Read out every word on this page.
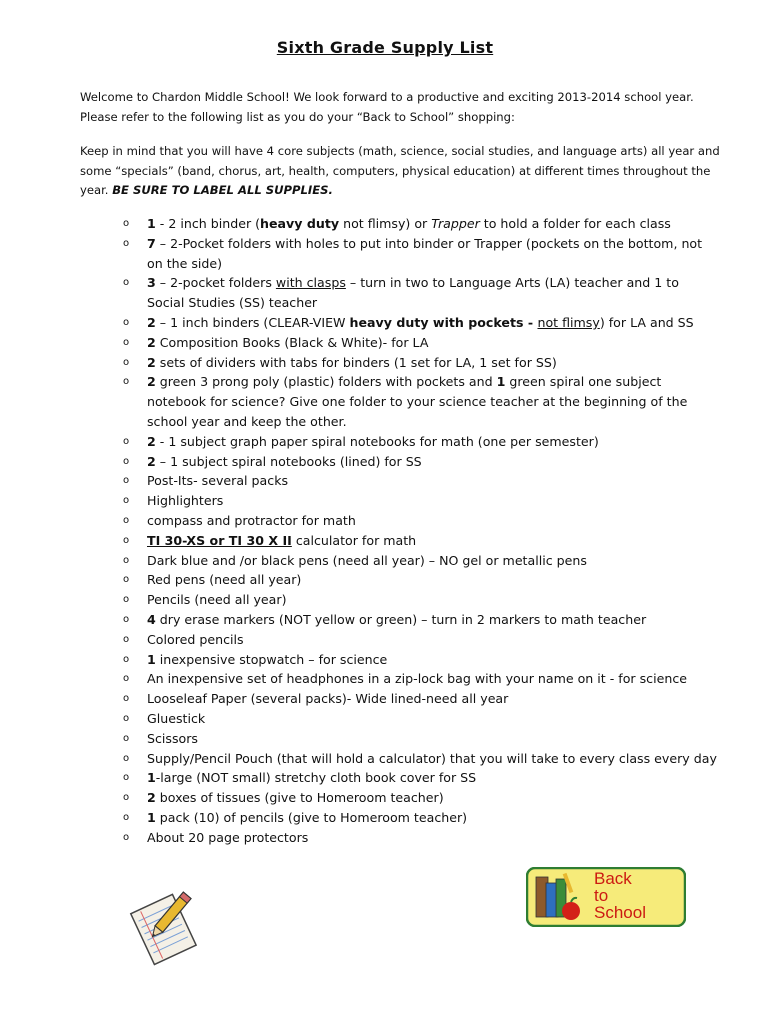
Sixth Grade Supply List
Welcome to Chardon Middle School! We look forward to a productive and exciting 2013-2014 school year.
Please refer to the following list as you do your “Back to School” shopping:
Keep in mind that you will have 4 core subjects (math, science, social studies, and language arts) all year and some “specials” (band, chorus, art, health, computers, physical education) at different times throughout the year. BE SURE TO LABEL ALL SUPPLIES.
o 1 - 2 inch binder (heavy duty not flimsy) or Trapper to hold a folder for each class
o 7 – 2-Pocket folders with holes to put into binder or Trapper (pockets on the bottom, not on the side)
o 3 – 2-pocket folders with clasps – turn in two to Language Arts (LA) teacher and 1 to Social Studies (SS) teacher
o 2 – 1 inch binders (CLEAR-VIEW heavy duty with pockets - not flimsy) for LA and SS
o 2 Composition Books (Black & White)- for LA
o 2 sets of dividers with tabs for binders (1 set for LA, 1 set for SS)
o 2 green 3 prong poly (plastic) folders with pockets and 1 green spiral one subject notebook for science? Give one folder to your science teacher at the beginning of the school year and keep the other.
o 2 - 1 subject graph paper spiral notebooks for math (one per semester)
o 2 – 1 subject spiral notebooks (lined) for SS
o Post-Its- several packs
o Highlighters
o compass and protractor for math
o TI 30-XS or TI 30 X II calculator for math
o Dark blue and /or black pens (need all year) – NO gel or metallic pens
o Red pens (need all year)
o Pencils (need all year)
o 4 dry erase markers (NOT yellow or green) – turn in 2 markers to math teacher
o Colored pencils
o 1 inexpensive stopwatch – for science
o An inexpensive set of headphones in a zip-lock bag with your name on it - for science
o Looseleaf Paper (several packs)- Wide lined-need all year
o Gluestick
o Scissors
o Supply/Pencil Pouch (that will hold a calculator) that you will take to every class every day
o 1-large (NOT small) stretchy cloth book cover for SS
o 2 boxes of tissues (give to Homeroom teacher)
o 1 pack (10) of pencils (give to Homeroom teacher)
o About 20 page protectors
Back
to
School
